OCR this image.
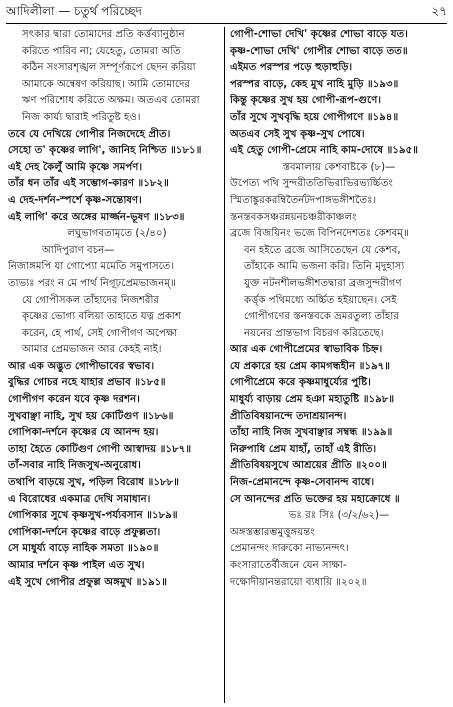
আদিলীলা — চতুর্থ পরিচ্ছেদ	২৭
সৎকার দ্বারা তোমাদের প্রতি কর্ত্তব্যানুষ্ঠান
করিতে পারিব না; যেহেতু, তোমরা অতি
কঠিন সংসারশৃঙ্খল সম্পূর্ণরূপে ছেদন করিয়া
আমাকে অন্বেষণ করিয়াছ। আমি তোমাদের
ঋণ পরিশোধ করিতে অক্ষম। অতএব তোমরা
নিজ কার্য্য দ্বারাই পরিতুষ্ট হও।
তবে যে দেখিয়ে গোপীর নিজদেহে প্রীত।
সেহো ত' কৃষ্ণের লাগি', জানিহ নিশ্চিত ॥১৮১॥
এই দেহ কৈলুঁ আমি কৃষ্ণে সমর্পণ।
তাঁর ধন তাঁর এই সম্ভোগ-কারণ ॥১৮২॥
এ দেহ-দর্শন-স্পর্শে কৃষ্ণ-সন্তোষণ।
এই লাগি' করে অঙ্গের মার্জ্জন-ভূষণ ॥১৮৩॥
লঘুভাগবতামৃতে (২/৪০)
আদিপুরাণ বচন—
নিজাঙ্গমপি যা গোপ্যো মমেতি সমুপাসতে।
তাভ্যঃ পরং ন মে পার্থ নিগূঢ়প্রেমভাজনম্॥
যে গোপীসকল তাঁহাদের নিজশরীর
কৃষ্ণের ভোগ্য বলিয়া তাহাতে যত্ন প্রকাশ
করেন, হে পার্থ, সেই গোপীগণ অপেক্ষা
আমার প্রেমভাজন আর কেহই নাই।
আর এক অদ্ভুত গোপীভাবের স্বভাব।
বুদ্ধির গোচর নহে যাহার প্রভাব ॥১৮৫॥
গোপীগণ করেন যবে কৃষ্ণ দরশন।
সুখবাঞ্ছা নাহি, সুখ হয় কোটিগুণ ॥১৮৬॥
গোপিকা-দর্শনে কৃষ্ণের যে আনন্দ হয়।
তাহা হৈতে কোটিগুণ গোপী আস্বাদয় ॥১৮৭॥
তাঁ-সবার নাহি নিজসুখ-অনুরোধ।
তথাপি বাড়য়ে সুখ, পড়িল বিরোধ ॥১৮৮॥
এ বিরোধের একমাত্র দেখি সমাধান।
গোপিকার সুখে কৃষ্ণসুখ-পর্য্যবসান ॥১৮৯॥
গোপিকা-দর্শনে কৃষ্ণের বাড়ে প্রফুল্লতা।
সে মাধুর্য্য বাড়ে নাহিক সমতা ॥১৯০॥
আমার দর্শনে কৃষ্ণ পাইল এত সুখ।
এই সুখে গোপীর প্রফুল্ল অঙ্গমুখ ॥১৯১॥
গোপী-শোভা দেখি' কৃষ্ণের শোভা বাড়ে যত।
কৃষ্ণ-শোভা দেখি' গোপীর শোভা বাড়ে তত॥
এইমত পরস্পর পড়ে হুড়াহুড়ি।
পরস্পর বাড়ে, কেহ মুখ নাহি মুড়ি ॥১৯৩॥
কিন্তু কৃষ্ণের সুখ হয় গোপী-রূপ-গুণে।
তাঁর সুখে সুখবৃদ্ধি হয়ে গোপীগণে ॥১৯৪॥
অতএব সেই সুখ কৃষ্ণ-সুখ পোষে।
এই হেতু গোপী-প্রেমে নাহি কাম-দোষে ॥১৯৫॥
স্তবমালায় কেশবাষ্টকে (৮)—
উপেত্য পথি সুন্দরীততিভিরাভিরভ্যর্চ্চিতং
স্মিতাঙ্কুরকরম্বিতৈর্নটদপাঙ্গভঙ্গীশতৈঃ।
স্তনস্তবকসঞ্চরন্নয়নচঞ্চরীকাঞ্চলং
ব্রজে বিজয়িনং ভজে বিপিনদেশতঃ কেশবম্॥
বন হইতে ব্রজে আসিতেছেন যে কেশব,
তাঁহাকে আমি ভজনা করি। তিনি মৃদুহাস্য
যুক্ত নটনশীলভঙ্গীশতদ্বারা ব্রজসুন্দরীগণ
কর্ত্তৃক পথিমধ্যে অর্চ্চিত হইয়াছেন। সেই
গোপীগণের স্তনস্তবকে ভ্রমরতুল্য তাঁহার
নয়নের প্রান্তভাগ বিচরণ করিতেছে।
আর এক গোপীপ্রেমের স্বাভাবিক চিহ্ন।
যে প্রকারে হয় প্রেম কামগন্ধহীন ॥১৯৭॥
গোপীপ্রেমে করে কৃষ্ণমাধুর্য্যের পুষ্টি।
মাধুর্য্য বাড়ায় প্রেম হঞা মহাতুষ্টি ॥১৯৮॥
প্রীতিবিষয়ানন্দে তদাশ্রয়ানন্দ।
তাঁহা নাহি নিজ সুখবাঞ্ছার সম্বন্ধ ॥১৯৯॥
নিরুপাধি প্রেম যাহাঁ, তাহাঁ এই রীতি।
প্রীতিবিষয়সুখে আশ্রয়ের প্রীতি ॥২০০॥
নিজ-প্রেমানন্দে কৃষ্ণ-সেবানন্দ বাধে।
সে আনন্দের প্রতি ভক্তের হয় মহাক্রোধে ॥
ভঃ রঃ সিঃ (৩/২/৬২)—
অঙ্গস্তম্ভারম্ভমুত্তুঙ্গয়ন্তং
প্রেমানন্দং দারুকো নাভ্যনন্দৎ।
কংসারাতের্বীজনে যেন সাক্ষা-
দক্ষোদীয়ানন্তরায়ো ব্যধায়ি ॥২০২॥
